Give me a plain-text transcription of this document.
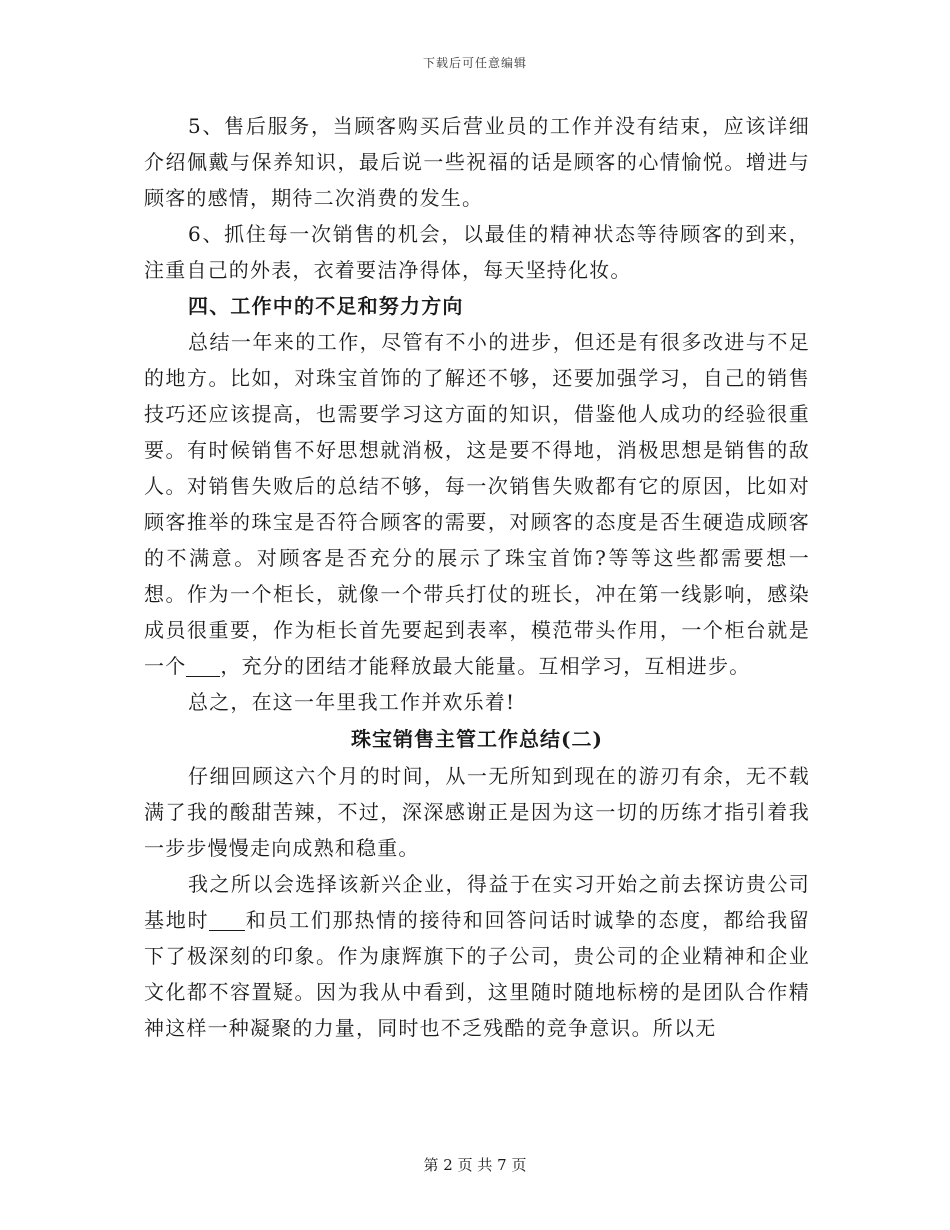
下载后可任意编辑

5、售后服务，当顾客购买后营业员的工作并没有结束，应该详细介绍佩戴与保养知识，最后说一些祝福的话是顾客的心情愉悦。增进与顾客的感情，期待二次消费的发生。

6、抓住每一次销售的机会，以最佳的精神状态等待顾客的到来，注重自己的外表，衣着要洁净得体，每天坚持化妆。

四、工作中的不足和努力方向

总结一年来的工作，尽管有不小的进步，但还是有很多改进与不足的地方。比如，对珠宝首饰的了解还不够，还要加强学习，自己的销售技巧还应该提高，也需要学习这方面的知识，借鉴他人成功的经验很重要。有时候销售不好思想就消极，这是要不得地，消极思想是销售的敌人。对销售失败后的总结不够，每一次销售失败都有它的原因，比如对顾客推举的珠宝是否符合顾客的需要，对顾客的态度是否生硬造成顾客的不满意。对顾客是否充分的展示了珠宝首饰?等等这些都需要想一想。作为一个柜长，就像一个带兵打仗的班长，冲在第一线影响，感染成员很重要，作为柜长首先要起到表率，模范带头作用，一个柜台就是一个 ，充分的团结才能释放最大能量。互相学习，互相进步。

总之，在这一年里我工作并欢乐着!

珠宝销售主管工作总结(二)

仔细回顾这六个月的时间，从一无所知到现在的游刃有余，无不载满了我的酸甜苦辣，不过，深深感谢正是因为这一切的历练才指引着我一步步慢慢走向成熟和稳重。

我之所以会选择该新兴企业，得益于在实习开始之前去探访贵公司基地时 和员工们那热情的接待和回答问话时诚挚的态度，都给我留下了极深刻的印象。作为康辉旗下的子公司，贵公司的企业精神和企业文化都不容置疑。因为我从中看到，这里随时随地标榜的是团队合作精神这样一种凝聚的力量，同时也不乏残酷的竞争意识。所以无

第 2 页 共 7 页
